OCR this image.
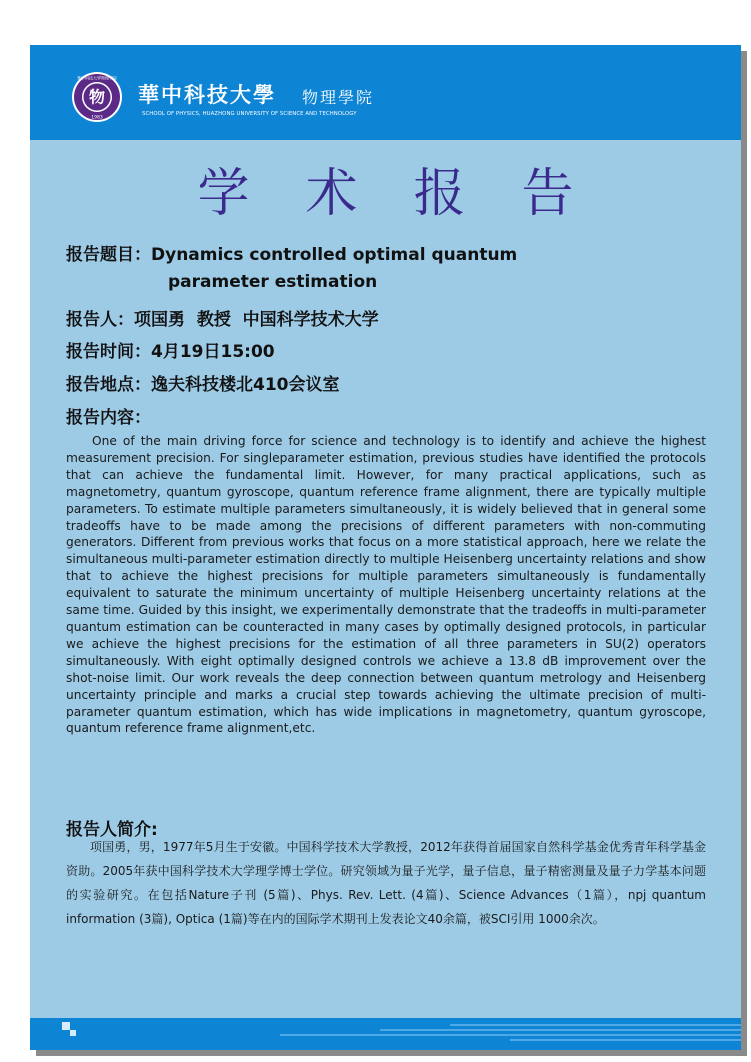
物
1983
華中科技大學物理學院
華中科技大學 物理學院
SCHOOL OF PHYSICS, HUAZHONG UNIVERSITY OF SCIENCE AND TECHNOLOGY
学术报告
报告题目：Dynamics controlled optimal quantum
parameter estimation
报告人：项国勇  教授  中国科学技术大学
报告时间：4月19日15:00
报告地点：逸夫科技楼北410会议室
报告内容：

One of the main driving force for science and technology is to identify and achieve the highest measurement precision. For singleparameter estimation, previous studies have identified the protocols that can achieve the fundamental limit. However, for many practical applications, such as magnetometry, quantum gyroscope, quantum reference frame alignment, there are typically multiple parameters. To estimate multiple parameters simultaneously, it is widely believed that in general some tradeoffs have to be made among the precisions of different parameters with non-commuting generators. Different from previous works that focus on a more statistical approach, here we relate the simultaneous multi-parameter estimation directly to multiple Heisenberg uncertainty relations and show that to achieve the highest precisions for multiple parameters simultaneously is fundamentally equivalent to saturate the minimum uncertainty of multiple Heisenberg uncertainty relations at the same time. Guided by this insight, we experimentally demonstrate that the tradeoffs in multi-parameter quantum estimation can be counteracted in many cases by optimally designed protocols, in particular we achieve the highest precisions for the estimation of all three parameters in SU(2) operators simultaneously. With eight optimally designed controls we achieve a 13.8 dB improvement over the shot-noise limit. Our work reveals the deep connection between quantum metrology and Heisenberg uncertainty principle and marks a crucial step towards achieving the ultimate precision of multi-parameter quantum estimation, which has wide implications in magnetometry, quantum gyroscope, quantum reference frame alignment,etc.

报告人简介:

项国勇，男，1977年5月生于安徽。中国科学技术大学教授，2012年获得首届国家自然科学基金优秀青年科学基金资助。2005年获中国科学技术大学理学博士学位。研究领域为量子光学，量子信息，量子精密测量及量子力学基本问题的实验研究。在包括Nature子刊 (5篇)、Phys. Rev. Lett. (4篇)、Science Advances（1篇），npj quantum information (3篇), Optica (1篇)等在内的国际学术期刊上发表论文40余篇，被SCI引用 1000余次。
